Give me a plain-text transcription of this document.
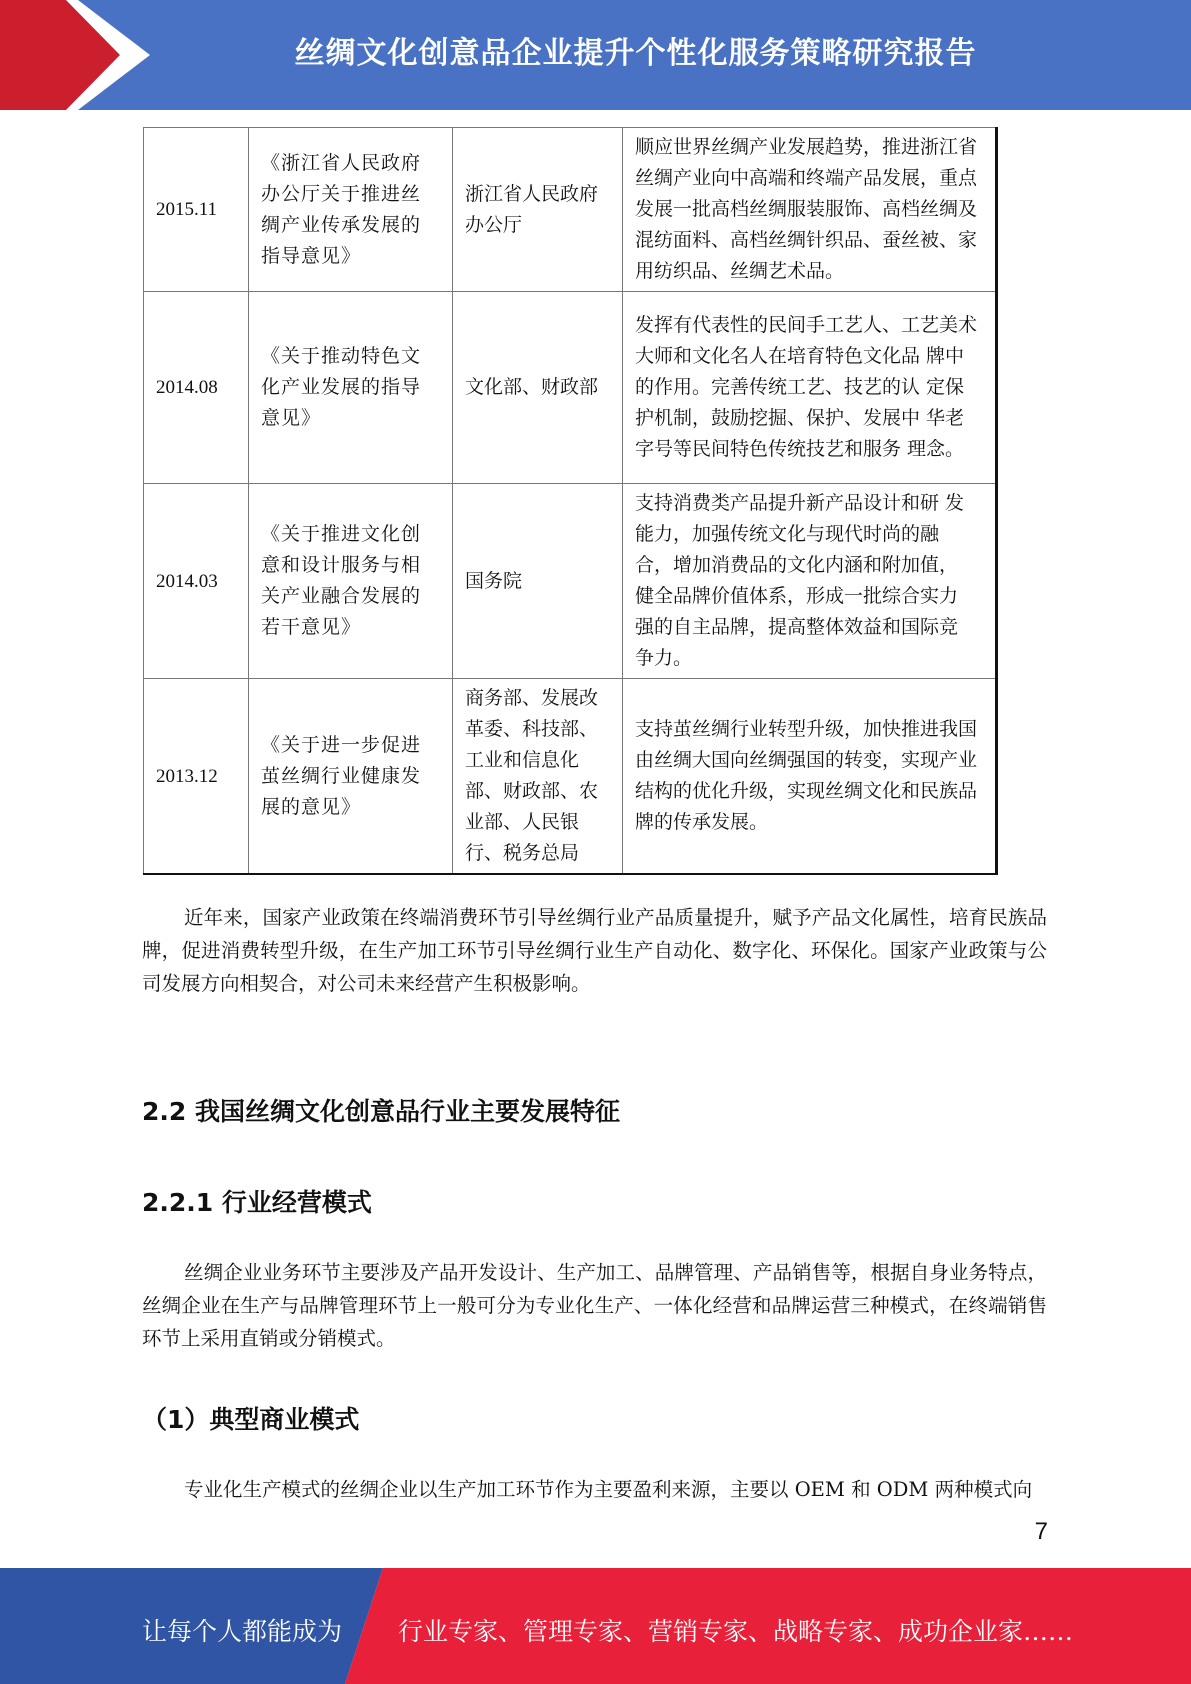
丝绸文化创意品企业提升个性化服务策略研究报告
2015.11	《浙江省人民政府办公厅关于推进丝绸产业传承发展的指导意见》	浙江省人民政府办公厅	顺应世界丝绸产业发展趋势，推进浙江省丝绸产业向中高端和终端产品发展，重点发展一批高档丝绸服装服饰、高档丝绸及混纺面料、高档丝绸针织品、蚕丝被、家用纺织品、丝绸艺术品。
2014.08	《关于推动特色文 化产业发展的指导 意见》	文化部、财政部	发挥有代表性的民间手工艺人、工艺美术大师和文化名人在培育特色文化品 牌中的作用。完善传统工艺、技艺的认 定保护机制，鼓励挖掘、保护、发展中 华老字号等民间特色传统技艺和服务 理念。
2014.03	《关于推进文化创 意和设计服务与相 关产业融合发展的 若干意见》	国务院	支持消费类产品提升新产品设计和研 发能力，加强传统文化与现代时尚的融 合，增加消费品的文化内涵和附加值， 健全品牌价值体系，形成一批综合实力 强的自主品牌，提高整体效益和国际竞 争力。
2013.12	《关于进一步促进 茧丝绸行业健康发 展的意见》	商务部、发展改革委、科技部、工业和信息化部、财政部、农业部、人民银行、税务总局	支持茧丝绸行业转型升级，加快推进我国由丝绸大国向丝绸强国的转变，实现产业结构的优化升级，实现丝绸文化和民族品牌的传承发展。

近年来，国家产业政策在终端消费环节引导丝绸行业产品质量提升，赋予产品文化属性，培育民族品牌，促进消费转型升级，在生产加工环节引导丝绸行业生产自动化、数字化、环保化。国家产业政策与公司发展方向相契合，对公司未来经营产生积极影响。

2.2 我国丝绸文化创意品行业主要发展特征
2.2.1 行业经营模式

丝绸企业业务环节主要涉及产品开发设计、生产加工、品牌管理、产品销售等，根据自身业务特点，丝绸企业在生产与品牌管理环节上一般可分为专业化生产、一体化经营和品牌运营三种模式，在终端销售环节上采用直销或分销模式。

（1）典型商业模式

专业化生产模式的丝绸企业以生产加工环节作为主要盈利来源，主要以 OEM 和 ODM 两种模式向

7
让每个人都能成为 行业专家、管理专家、营销专家、战略专家、成功企业家……
